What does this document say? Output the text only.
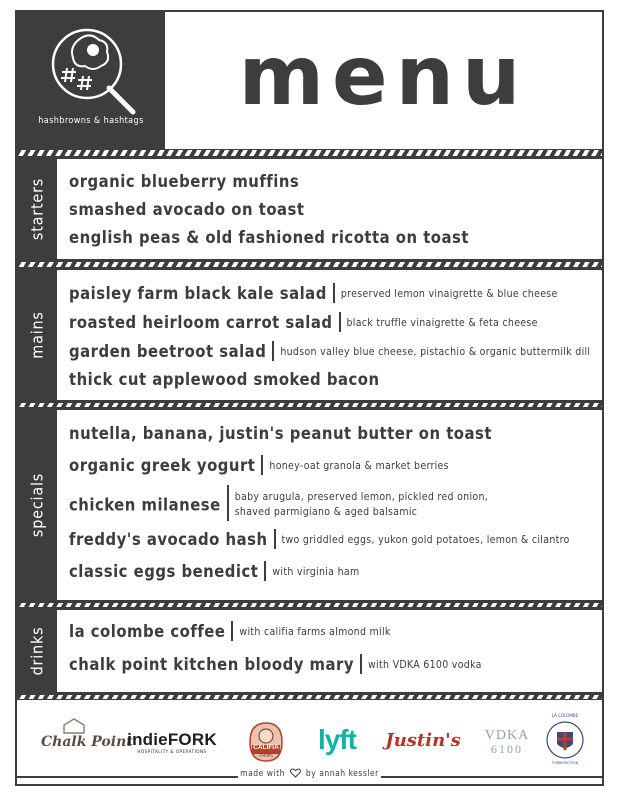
hashbrowns & hashtags	menu
starters organic blueberry muffins
smashed avocado on toast
english peas & old fashioned ricotta on toast
mains
paisley farm black kale salad preserved lemon vinaigrette & blue cheese
roasted heirloom carrot salad black truffle vinaigrette & feta cheese
garden beetroot salad hudson valley blue cheese, pistachio & organic buttermilk dill
thick cut applewood smoked bacon
specials
nutella, banana, justin's peanut butter on toast
organic greek yogurt honey-oat granola & market berries
chicken milanese baby arugula, preserved lemon, pickled red onion,
shaved parmigiano & aged balsamic
freddy's avocado hash two griddled eggs, yukon gold potatoes, lemon & cilantro
classic eggs benedict with virginia ham
drinks la colombe coffee with califia farms almond milk
chalk point kitchen bloody mary with VDKA 6100 vodka
Chalk Point
indieFORK
HOSPITALITY & OPERATIONS
CALIFIA
FARMS
lyft	Justin's	VDKA
6100
LA COLOMBE
TORREFACTION
made with by annah kessler
